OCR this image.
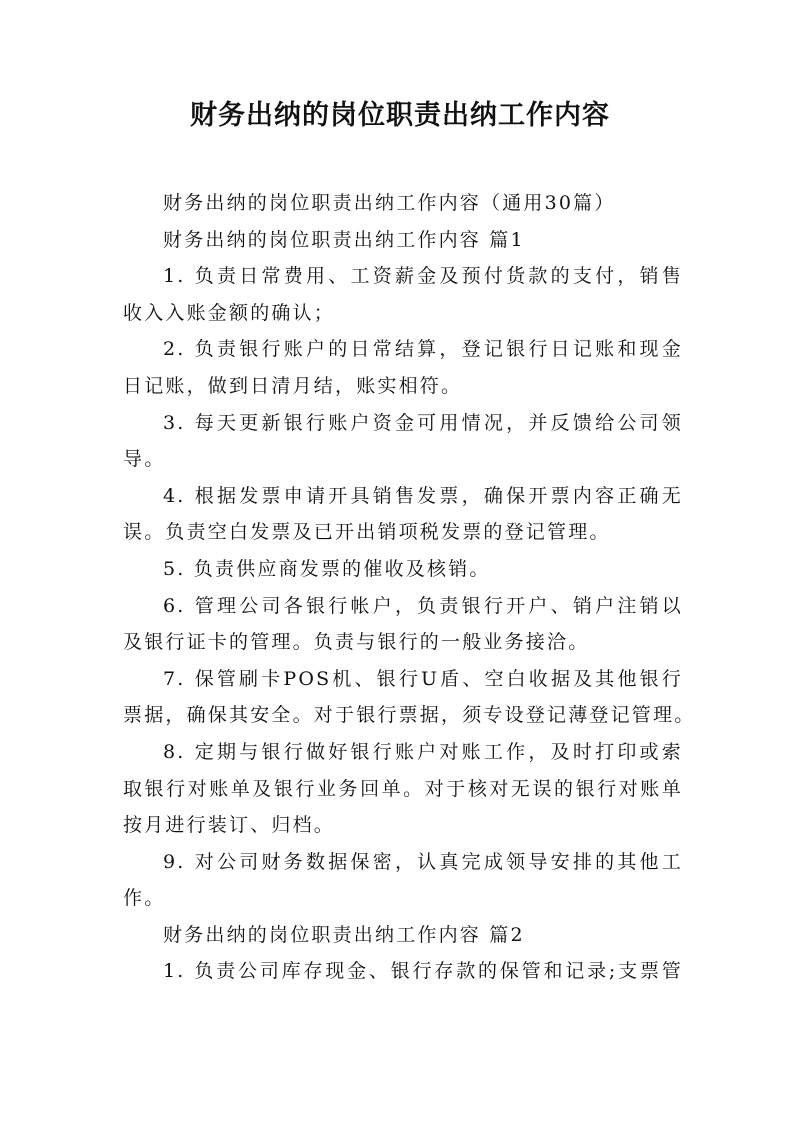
财务出纳的岗位职责出纳工作内容
财务出纳的岗位职责出纳工作内容（通用30篇）
财务出纳的岗位职责出纳工作内容 篇1
1. 负责日常费用、工资薪金及预付货款的支付，销售
收入入账金额的确认；
2. 负责银行账户的日常结算，登记银行日记账和现金
日记账，做到日清月结，账实相符。
3. 每天更新银行账户资金可用情况，并反馈给公司领
导。
4. 根据发票申请开具销售发票，确保开票内容正确无
误。负责空白发票及已开出销项税发票的登记管理。
5. 负责供应商发票的催收及核销。
6. 管理公司各银行帐户，负责银行开户、销户注销以
及银行证卡的管理。负责与银行的一般业务接洽。
7. 保管刷卡POS机、银行U盾、空白收据及其他银行
票据，确保其安全。对于银行票据，须专设登记薄登记管理。
8. 定期与银行做好银行账户对账工作，及时打印或索
取银行对账单及银行业务回单。对于核对无误的银行对账单
按月进行装订、归档。
9. 对公司财务数据保密，认真完成领导安排的其他工
作。
财务出纳的岗位职责出纳工作内容 篇2
1. 负责公司库存现金、银行存款的保管和记录;支票管
